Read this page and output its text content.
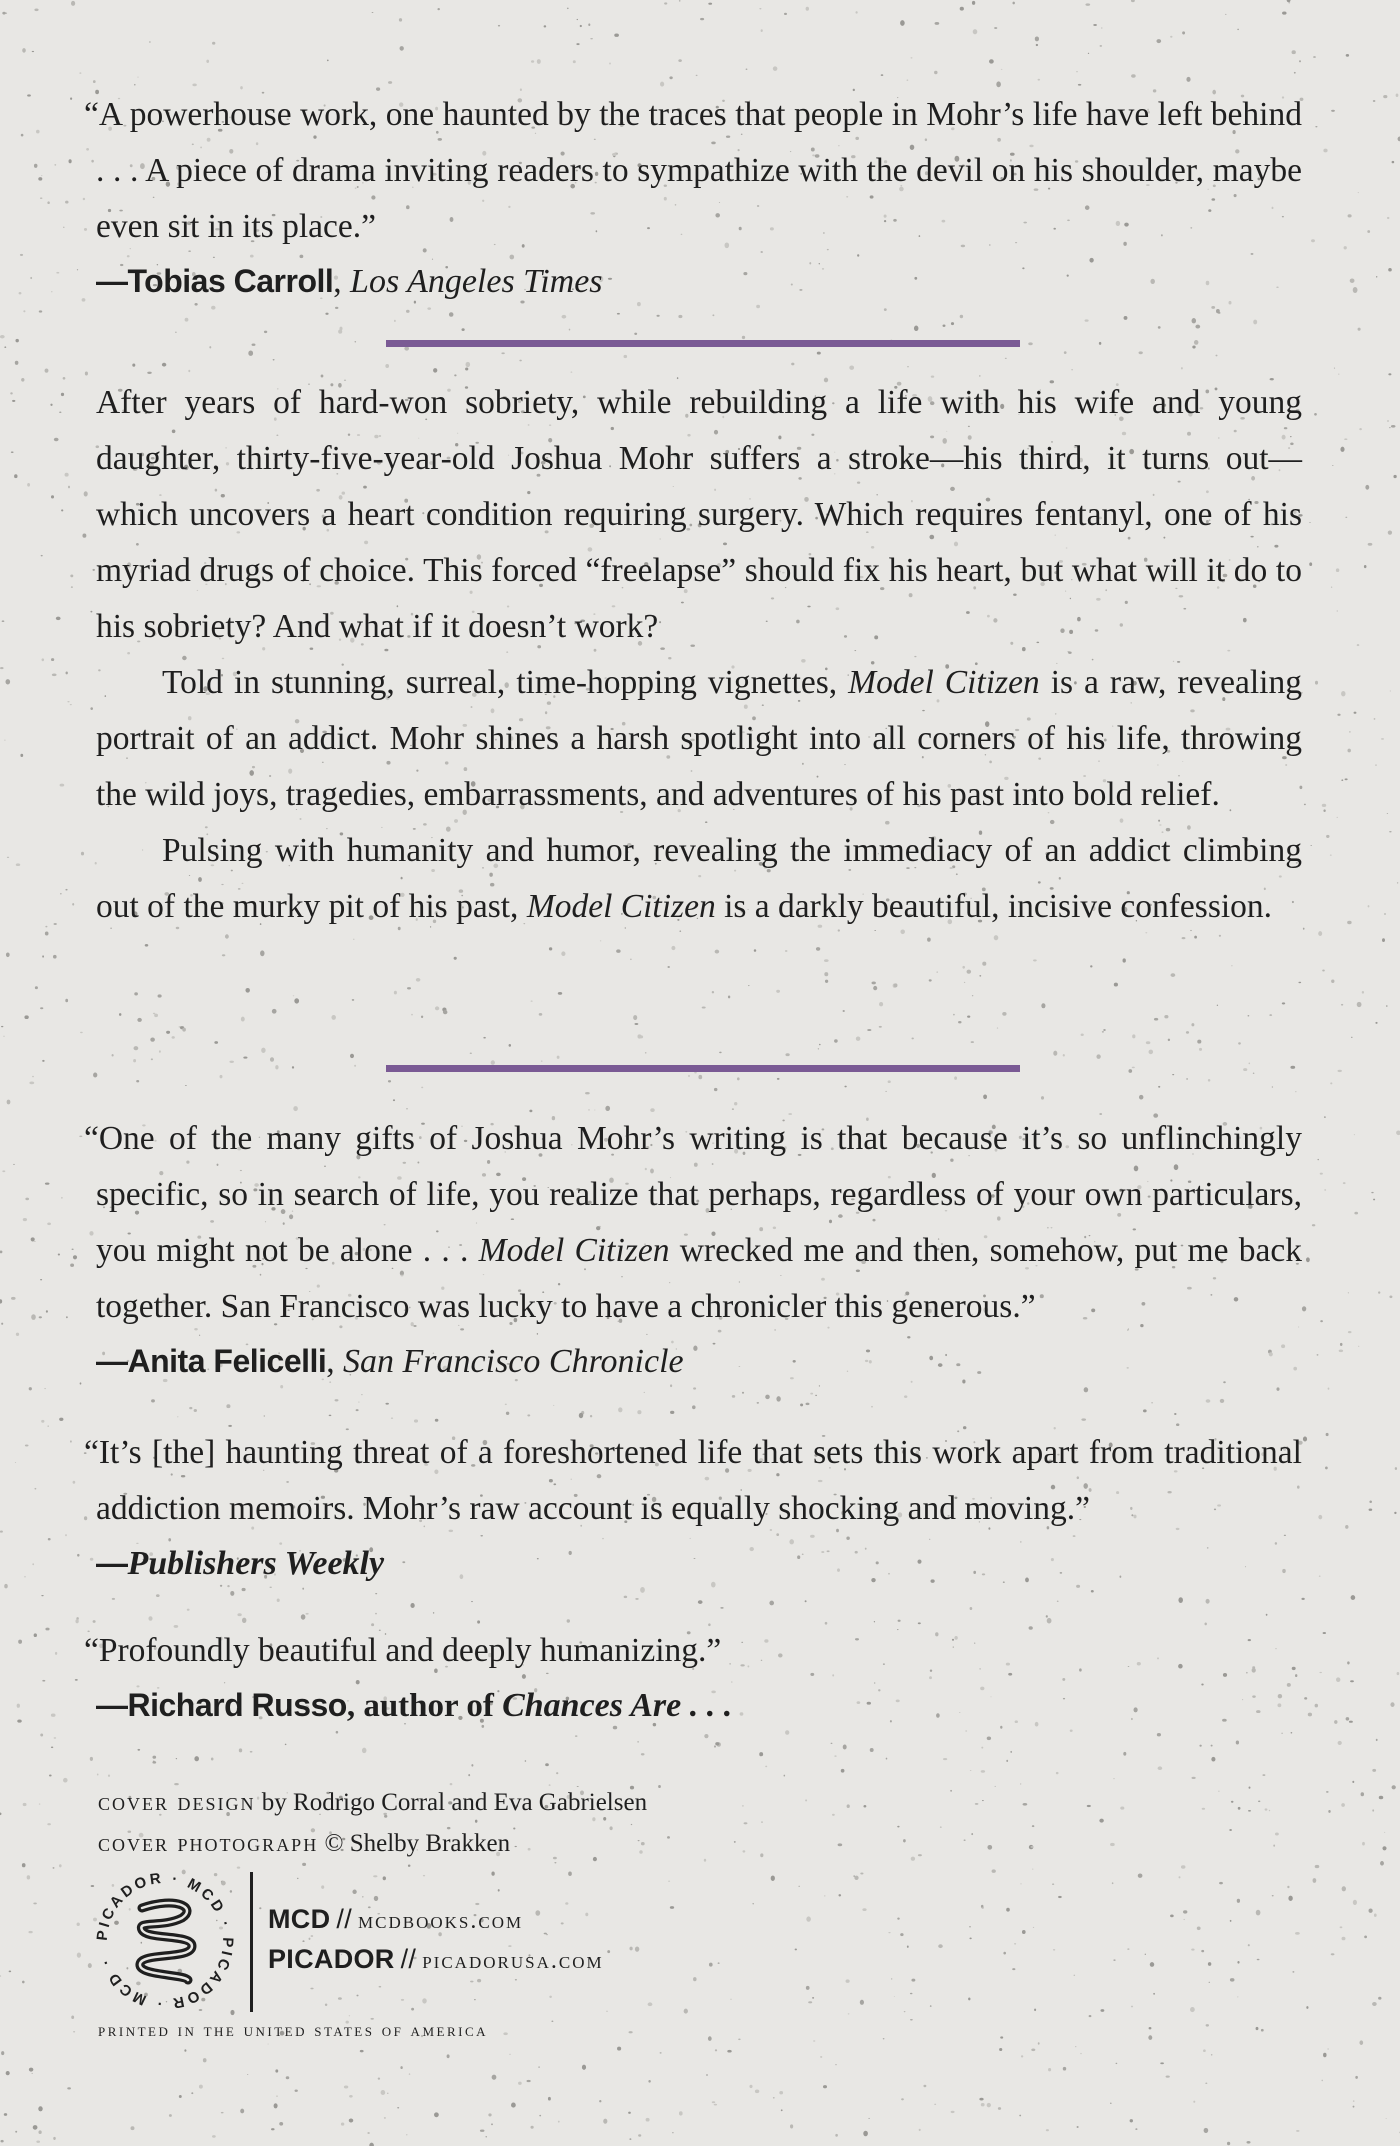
“A powerhouse work, one haunted by the traces that people in Mohr’s life have left behind . . . A piece of drama inviting readers to sympathize with the devil on his shoulder, maybe even sit in its place.”

—Tobias Carroll, Los Angeles Times

After years of hard-won sobriety, while rebuilding a life with his wife and young daughter, thirty-five-year-old Joshua Mohr suffers a stroke—his third, it turns out—which uncovers a heart condition requiring surgery. Which requires fentanyl, one of his myriad drugs of choice. This forced “freelapse” should fix his heart, but what will it do to his sobriety? And what if it doesn’t work?

Told in stunning, surreal, time-hopping vignettes, Model Citizen is a raw, revealing portrait of an addict. Mohr shines a harsh spotlight into all corners of his life, throwing the wild joys, tragedies, embarrassments, and adventures of his past into bold relief.

Pulsing with humanity and humor, revealing the immediacy of an addict climbing out of the murky pit of his past, Model Citizen is a darkly beautiful, incisive confession.

“One of the many gifts of Joshua Mohr’s writing is that because it’s so unflinchingly specific, so in search of life, you realize that perhaps, regardless of your own particulars, you might not be alone . . . Model Citizen wrecked me and then, somehow, put me back together. San Francisco was lucky to have a chronicler this generous.”

—Anita Felicelli, San Francisco Chronicle

“It’s [the] haunting threat of a foreshortened life that sets this work apart from traditional addiction memoirs. Mohr’s raw account is equally shocking and moving.”

—Publishers Weekly

“Profoundly beautiful and deeply humanizing.”

—Richard Russo, author of Chances Are . . .

cover design by Rodrigo Corral and Eva Gabrielsen
cover photograph © Shelby Brakken
PICADOR · MCD · PICADOR · MCD ·
MCD // mcdbooks.com
PICADOR // picadorusa.com
printed in the united states of america
